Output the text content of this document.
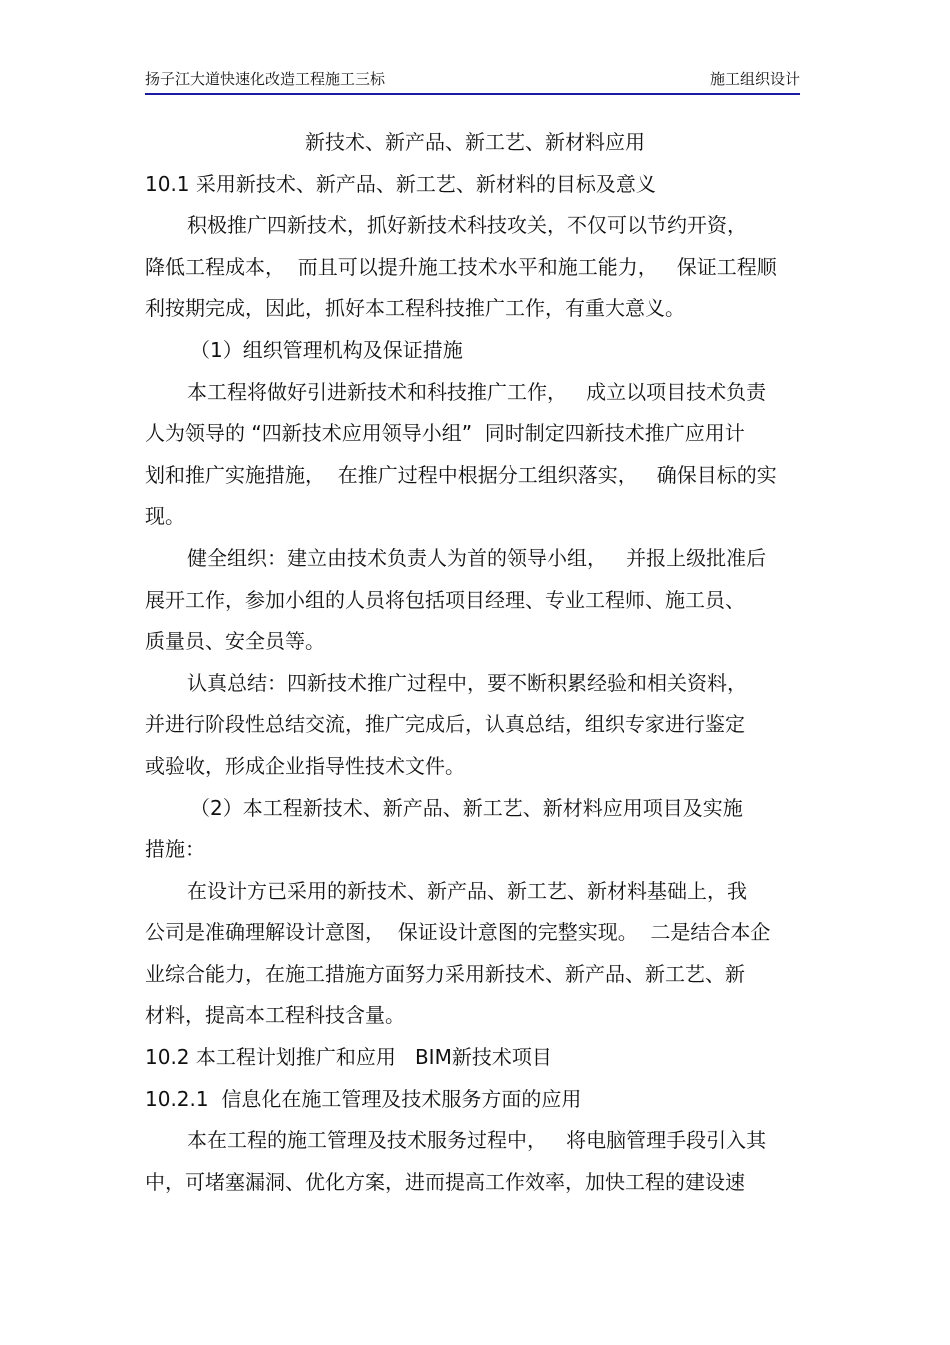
扬子江大道快速化改造工程施工三标	施工组织设计
新技术、新产品、新工艺、新材料应用
10.1 采用新技术、新产品、新工艺、新材料的目标及意义
积极推广四新技术，抓好新技术科技攻关，不仅可以节约开资，
降低工程成本，  而且可以提升施工技术水平和施工能力，   保证工程顺
利按期完成，因此，抓好本工程科技推广工作，有重大意义。
（1）组织管理机构及保证措施
本工程将做好引进新技术和科技推广工作，   成立以项目技术负责
人为领导的 “四新技术应用领导小组”  同时制定四新技术推广应用计
划和推广实施措施，  在推广过程中根据分工组织落实，   确保目标的实
现。
健全组织：建立由技术负责人为首的领导小组，   并报上级批准后
展开工作，参加小组的人员将包括项目经理、专业工程师、施工员、
质量员、安全员等。
认真总结：四新技术推广过程中，要不断积累经验和相关资料，
并进行阶段性总结交流，推广完成后，认真总结，组织专家进行鉴定
或验收，形成企业指导性技术文件。
（2）本工程新技术、新产品、新工艺、新材料应用项目及实施
措施：
在设计方已采用的新技术、新产品、新工艺、新材料基础上，我
公司是准确理解设计意图，  保证设计意图的完整实现。  二是结合本企
业综合能力，在施工措施方面努力采用新技术、新产品、新工艺、新
材料，提高本工程科技含量。
10.2 本工程计划推广和应用   BIM新技术项目
10.2.1  信息化在施工管理及技术服务方面的应用
本在工程的施工管理及技术服务过程中，   将电脑管理手段引入其
中，可堵塞漏洞、优化方案，进而提高工作效率，加快工程的建设速
